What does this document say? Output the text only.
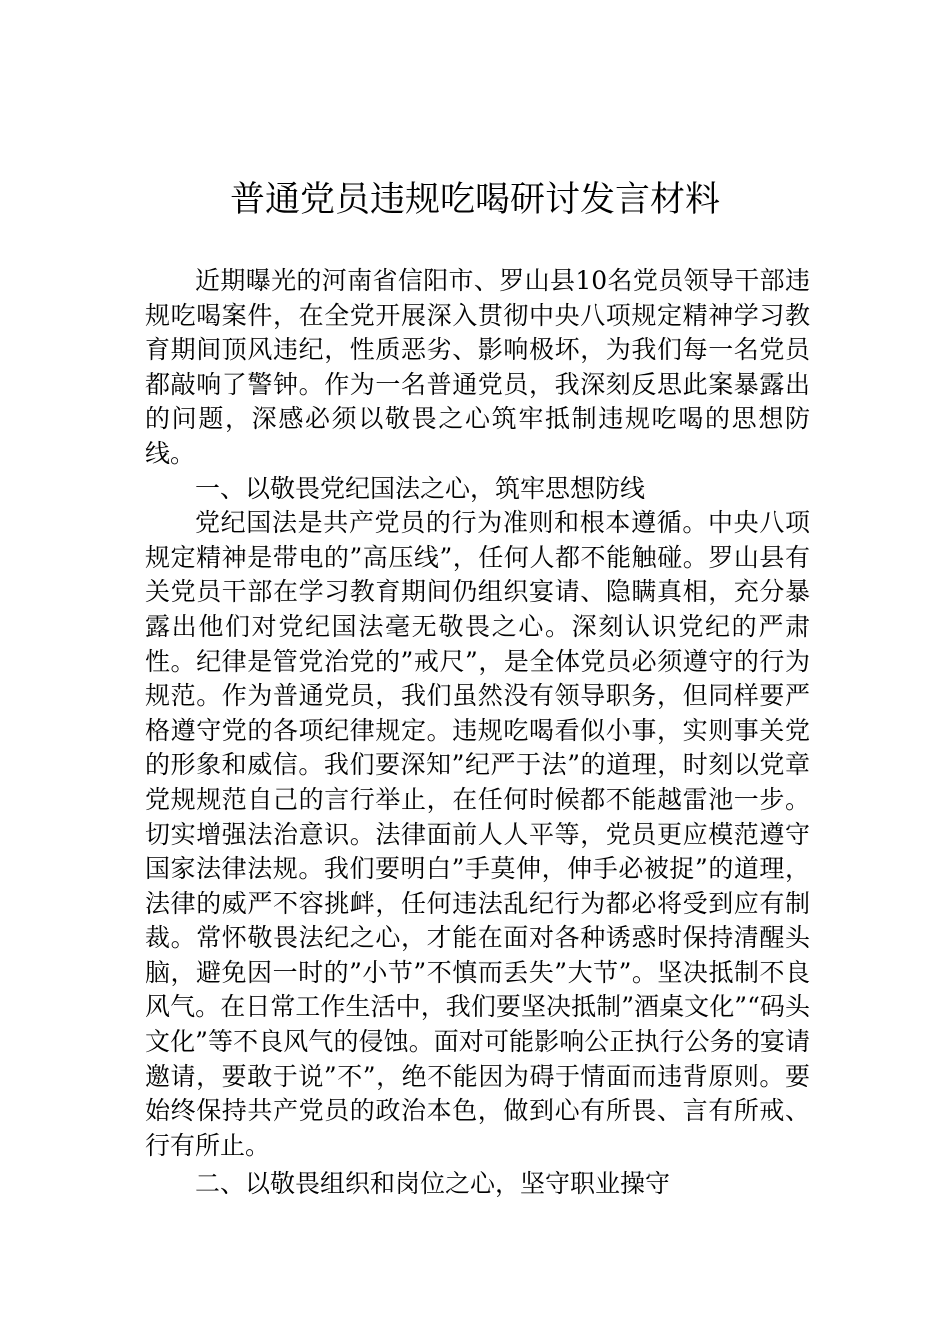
普通党员违规吃喝研讨发言材料

近期曝光的河南省信阳市、罗山县10名党员领导干部违规吃喝案件，在全党开展深入贯彻中央八项规定精神学习教育期间顶风违纪，性质恶劣、影响极坏，为我们每一名党员都敲响了警钟。作为一名普通党员，我深刻反思此案暴露出的问题，深感必须以敬畏之心筑牢抵制违规吃喝的思想防线。

一、以敬畏党纪国法之心，筑牢思想防线

党纪国法是共产党员的行为准则和根本遵循。中央八项规定精神是带电的”高压线”，任何人都不能触碰。罗山县有关党员干部在学习教育期间仍组织宴请、隐瞒真相，充分暴露出他们对党纪国法毫无敬畏之心。深刻认识党纪的严肃性。纪律是管党治党的”戒尺”，是全体党员必须遵守的行为规范。作为普通党员，我们虽然没有领导职务，但同样要严格遵守党的各项纪律规定。违规吃喝看似小事，实则事关党的形象和威信。我们要深知”纪严于法”的道理，时刻以党章党规规范自己的言行举止，在任何时候都不能越雷池一步。切实增强法治意识。法律面前人人平等，党员更应模范遵守国家法律法规。我们要明白”手莫伸，伸手必被捉”的道理，法律的威严不容挑衅，任何违法乱纪行为都必将受到应有制裁。常怀敬畏法纪之心，才能在面对各种诱惑时保持清醒头脑，避免因一时的”小节”不慎而丢失”大节”。坚决抵制不良风气。在日常工作生活中，我们要坚决抵制”酒桌文化”“码头文化”等不良风气的侵蚀。面对可能影响公正执行公务的宴请邀请，要敢于说”不”，绝不能因为碍于情面而违背原则。要始终保持共产党员的政治本色，做到心有所畏、言有所戒、行有所止。

二、以敬畏组织和岗位之心，坚守职业操守
